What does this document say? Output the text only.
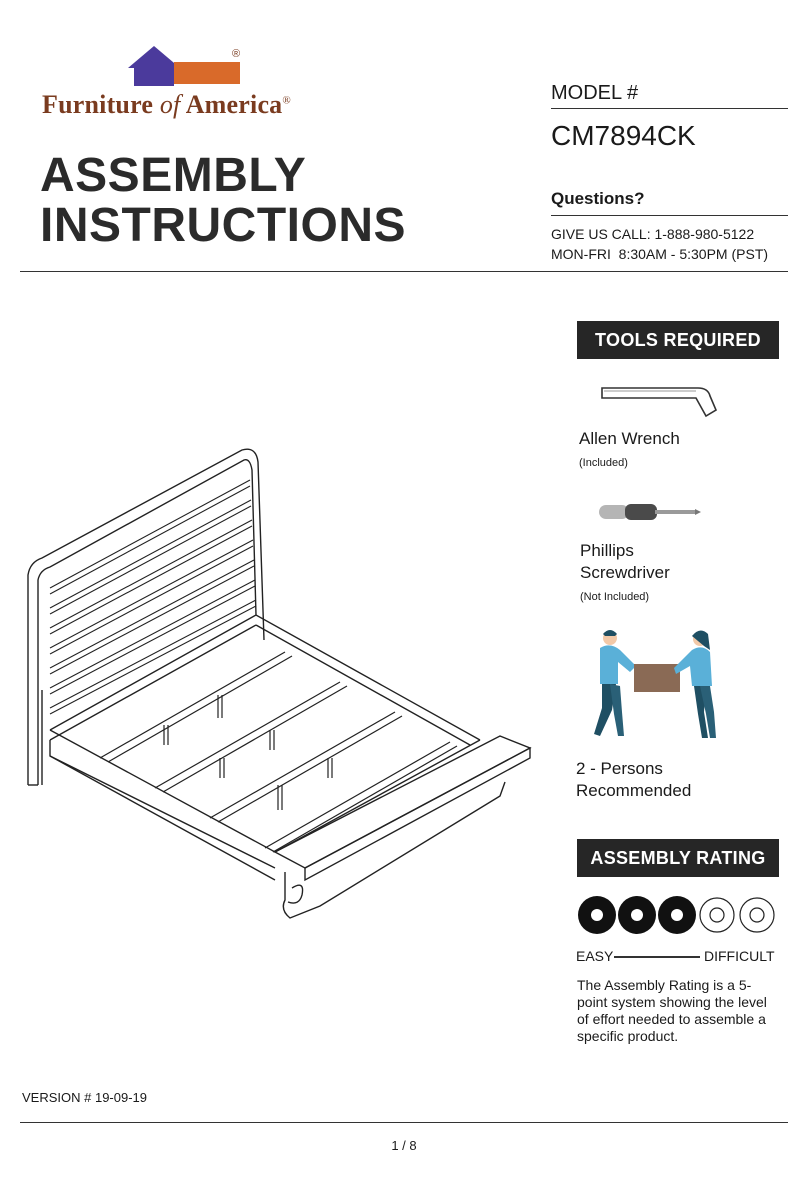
®
Furniture of America®
ASSEMBLY
INSTRUCTIONS
MODEL #
CM7894CK
Questions?
GIVE US CALL: 1-888-980-5122
MON-FRI  8:30AM - 5:30PM (PST)
TOOLS REQUIRED
Allen Wrench
(Included)
Phillips
Screwdriver
(Not Included)
2 - Persons
Recommended
ASSEMBLY RATING
EASY	DIFFICULT
The Assembly Rating is a 5-point system showing the level of effort needed to assemble a specific product.
VERSION # 19-09-19
1 / 8
